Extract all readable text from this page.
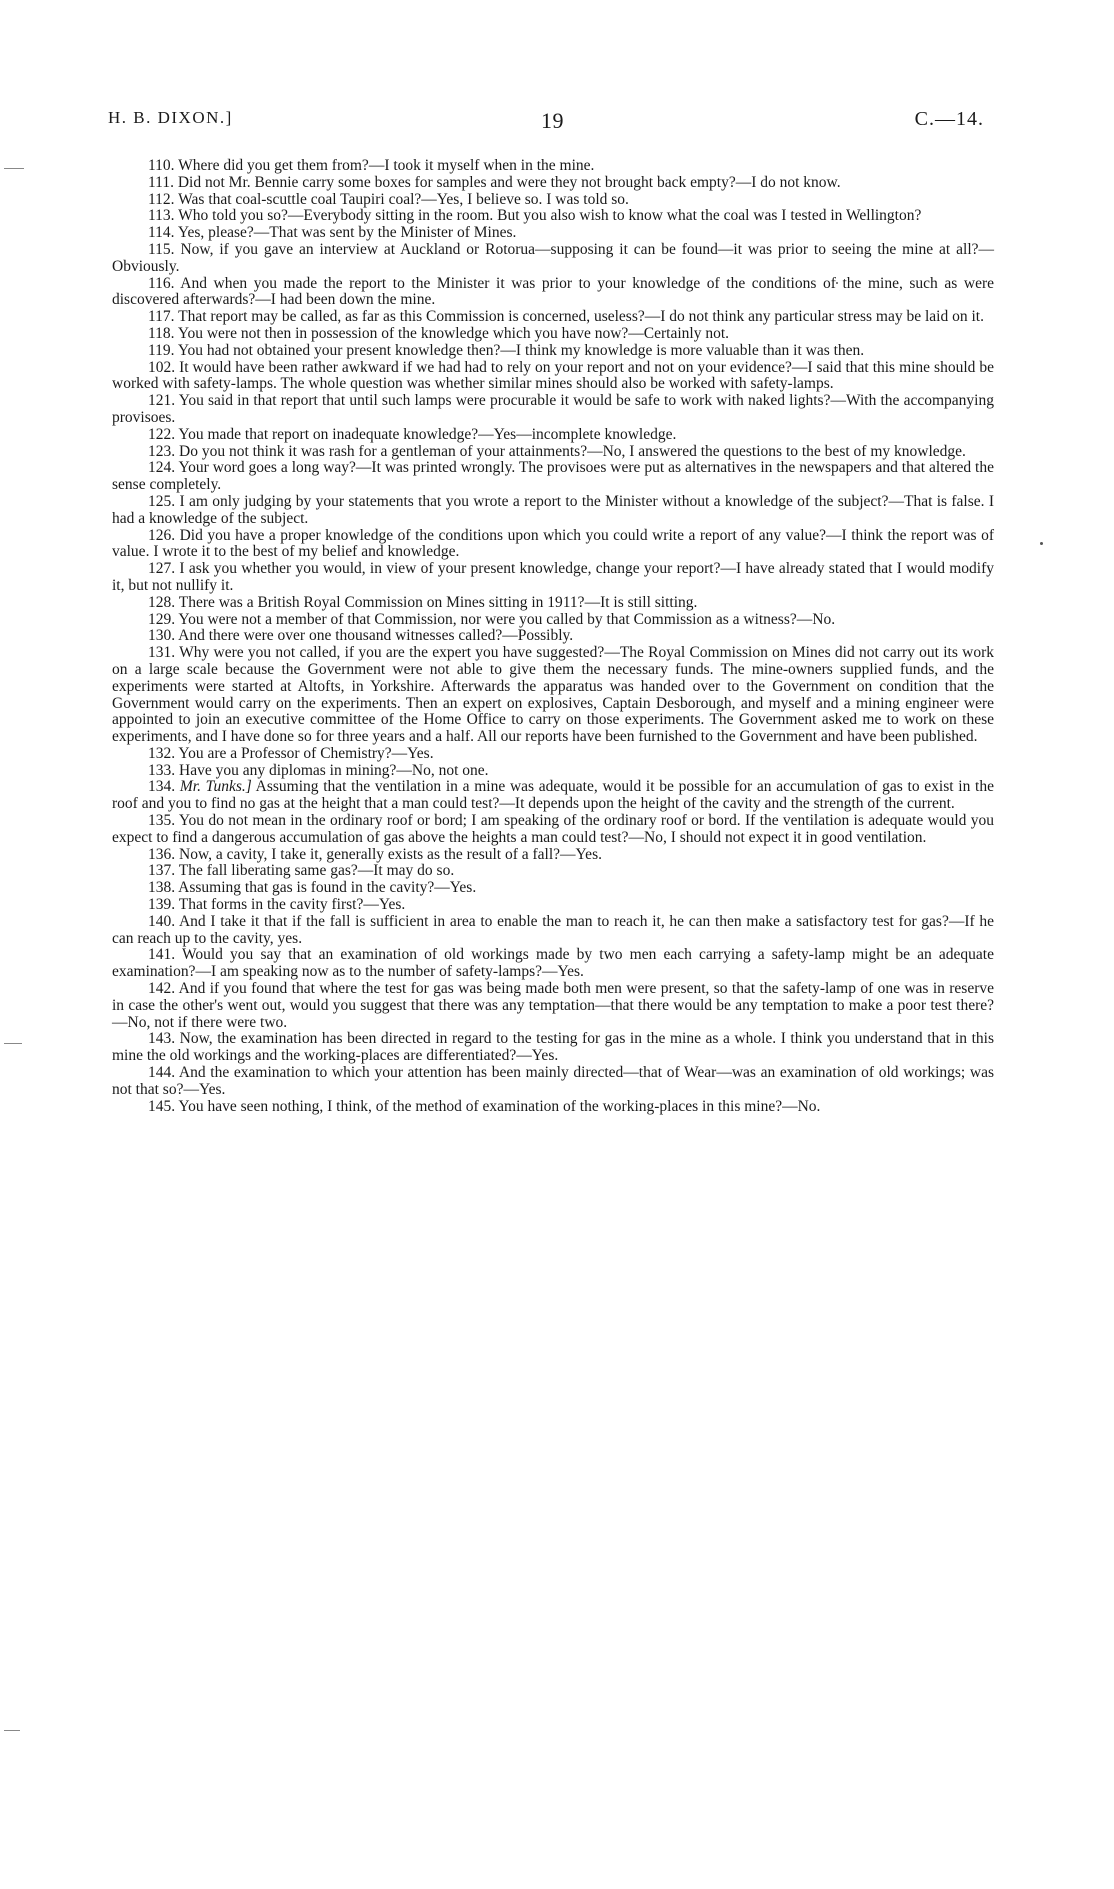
H. B. DIXON.]	19	C.—14.

110. Where did you get them from?—I took it myself when in the mine.

111. Did not Mr. Bennie carry some boxes for samples and were they not brought back empty?—I do not know.

112. Was that coal-scuttle coal Taupiri coal?—Yes, I believe so. I was told so.

113. Who told you so?—Everybody sitting in the room. But you also wish to know what the coal was I tested in Wellington?

114. Yes, please?—That was sent by the Minister of Mines.

115. Now, if you gave an interview at Auckland or Rotorua—supposing it can be found—it was prior to seeing the mine at all?—Obviously.

116. And when you made the report to the Minister it was prior to your knowledge of the conditions of the mine, such as were discovered afterwards?—I had been down the mine.

117. That report may be called, as far as this Commission is concerned, useless?—I do not think any particular stress may be laid on it.

118. You were not then in possession of the knowledge which you have now?—Certainly not.

119. You had not obtained your present knowledge then?—I think my knowledge is more valuable than it was then.

102. It would have been rather awkward if we had had to rely on your report and not on your evidence?—I said that this mine should be worked with safety-lamps. The whole question was whether similar mines should also be worked with safety-lamps.

121. You said in that report that until such lamps were procurable it would be safe to work with naked lights?—With the accompanying provisoes.

122. You made that report on inadequate knowledge?—Yes—incomplete knowledge.

123. Do you not think it was rash for a gentleman of your attainments?—No, I answered the questions to the best of my knowledge.

124. Your word goes a long way?—It was printed wrongly. The provisoes were put as alternatives in the newspapers and that altered the sense completely.

125. I am only judging by your statements that you wrote a report to the Minister without a knowledge of the subject?—That is false. I had a knowledge of the subject.

126. Did you have a proper knowledge of the conditions upon which you could write a report of any value?—I think the report was of value. I wrote it to the best of my belief and knowledge.

127. I ask you whether you would, in view of your present knowledge, change your report?—I have already stated that I would modify it, but not nullify it.

128. There was a British Royal Commission on Mines sitting in 1911?—It is still sitting.

129. You were not a member of that Commission, nor were you called by that Commission as a witness?—No.

130. And there were over one thousand witnesses called?—Possibly.

131. Why were you not called, if you are the expert you have suggested?—The Royal Commission on Mines did not carry out its work on a large scale because the Government were not able to give them the necessary funds. The mine-owners supplied funds, and the experiments were started at Altofts, in Yorkshire. Afterwards the apparatus was handed over to the Government on condition that the Government would carry on the experiments. Then an expert on explosives, Captain Desborough, and myself and a mining engineer were appointed to join an executive committee of the Home Office to carry on those experiments. The Government asked me to work on these experiments, and I have done so for three years and a half. All our reports have been furnished to the Government and have been published.

132. You are a Professor of Chemistry?—Yes.

133. Have you any diplomas in mining?—No, not one.

134. Mr. Tunks.] Assuming that the ventilation in a mine was adequate, would it be possible for an accumulation of gas to exist in the roof and you to find no gas at the height that a man could test?—It depends upon the height of the cavity and the strength of the current.

135. You do not mean in the ordinary roof or bord; I am speaking of the ordinary roof or bord. If the ventilation is adequate would you expect to find a dangerous accumulation of gas above the heights a man could test?—No, I should not expect it in good ventilation.

136. Now, a cavity, I take it, generally exists as the result of a fall?—Yes.

137. The fall liberating same gas?—It may do so.

138. Assuming that gas is found in the cavity?—Yes.

139. That forms in the cavity first?—Yes.

140. And I take it that if the fall is sufficient in area to enable the man to reach it, he can then make a satisfactory test for gas?—If he can reach up to the cavity, yes.

141. Would you say that an examination of old workings made by two men each carrying a safety-lamp might be an adequate examination?—I am speaking now as to the number of safety-lamps?—Yes.

142. And if you found that where the test for gas was being made both men were present, so that the safety-lamp of one was in reserve in case the other's went out, would you suggest that there was any temptation—that there would be any temptation to make a poor test there?—No, not if there were two.

143. Now, the examination has been directed in regard to the testing for gas in the mine as a whole. I think you understand that in this mine the old workings and the working-places are differentiated?—Yes.

144. And the examination to which your attention has been mainly directed—that of Wear—was an examination of old workings; was not that so?—Yes.

145. You have seen nothing, I think, of the method of examination of the working-places in this mine?—No.
